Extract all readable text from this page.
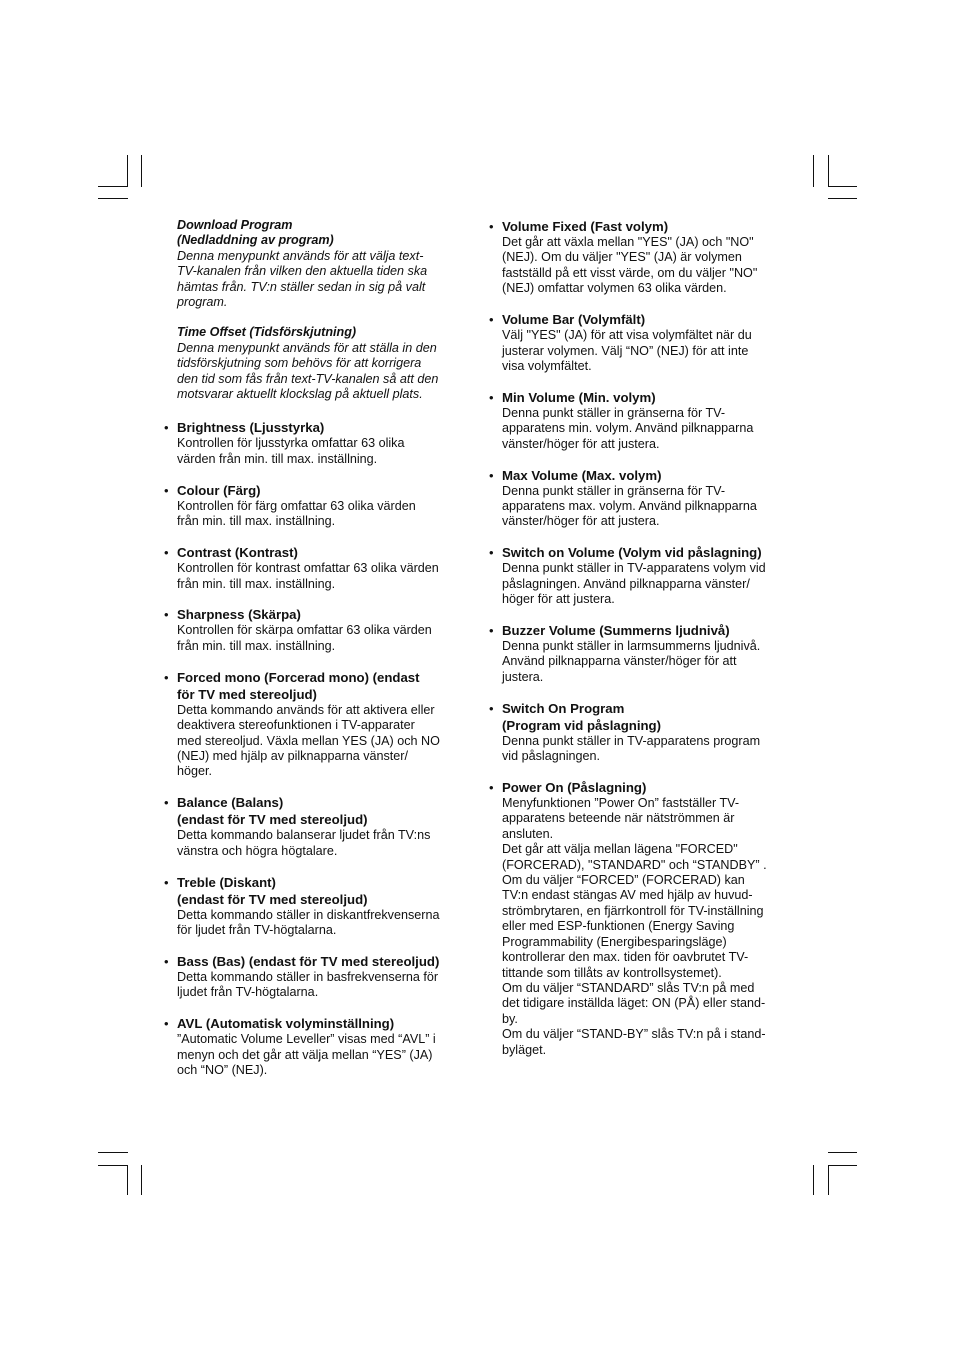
Download Program
(Nedladdning av program)

Denna menypunkt används för att välja text-
TV-kanalen från vilken den aktuella tiden ska
hämtas från. TV:n ställer sedan in sig på valt
program.

Time Offset (Tidsförskjutning)

Denna menypunkt används för att ställa in den
tidsförskjutning som behövs för att korrigera
den tid som fås från text-TV-kanalen så att den
motsvarar aktuellt klockslag på aktuell plats.

• Brightness (Ljusstyrka)

Kontrollen för ljusstyrka omfattar 63 olika
värden från min. till max. inställning.

• Colour (Färg)

Kontrollen för färg omfattar 63 olika värden
från min. till max. inställning.

• Contrast (Kontrast)

Kontrollen för kontrast omfattar 63 olika värden
från min. till max. inställning.

• Sharpness (Skärpa)

Kontrollen för skärpa omfattar 63 olika värden
från min. till max. inställning.

• Forced mono (Forcerad mono) (endast
för TV med stereoljud)

Detta kommando används för att aktivera eller
deaktivera stereofunktionen i TV-apparater
med stereoljud. Växla mellan YES (JA) och NO
(NEJ) med hjälp av pilknapparna vänster/
höger.

• Balance (Balans)
(endast för TV med stereoljud)

Detta kommando balanserar ljudet från TV:ns
vänstra och högra högtalare.

• Treble (Diskant)
(endast för TV med stereoljud)

Detta kommando ställer in diskantfrekvenserna
för ljudet från TV-högtalarna.

• Bass (Bas) (endast för TV med stereoljud)

Detta kommando ställer in basfrekvenserna för
ljudet från TV-högtalarna.

• AVL (Automatisk volyminställning)

”Automatic Volume Leveller” visas med “AVL” i
menyn och det går att välja mellan “YES” (JA)
och “NO” (NEJ).

• Volume Fixed (Fast volym)

Det går att växla mellan "YES" (JA) och "NO"
(NEJ). Om du väljer "YES" (JA) är volymen
fastställd på ett visst värde, om du väljer "NO"
(NEJ) omfattar volymen 63 olika värden.

• Volume Bar (Volymfält)

Välj "YES" (JA) för att visa volymfältet när du
justerar volymen. Välj “NO” (NEJ) för att inte
visa volymfältet.

• Min Volume (Min. volym)

Denna punkt ställer in gränserna för TV-
apparatens min. volym. Använd pilknapparna
vänster/höger för att justera.

• Max Volume (Max. volym)

Denna punkt ställer in gränserna för TV-
apparatens max. volym. Använd pilknapparna
vänster/höger för att justera.

• Switch on Volume (Volym vid påslagning)

Denna punkt ställer in TV-apparatens volym vid
påslagningen. Använd pilknapparna vänster/
höger för att justera.

• Buzzer Volume (Summerns ljudnivå)

Denna punkt ställer in larmsummerns ljudnivå.
Använd pilknapparna vänster/höger för att
justera.

• Switch On Program
(Program vid påslagning)

Denna punkt ställer in TV-apparatens program
vid påslagningen.

• Power On (Påslagning)

Menyfunktionen ”Power On” fastställer TV-
apparatens beteende när nätströmmen är
ansluten.
Det går att välja mellan lägena "FORCED"
(FORCERAD), "STANDARD" och “STANDBY” .
Om du väljer “FORCED” (FORCERAD) kan
TV:n endast stängas AV med hjälp av huvud-
strömbrytaren, en fjärrkontroll för TV-inställning
eller med ESP-funktionen (Energy Saving
Programmability (Energibesparingsläge)
kontrollerar den max. tiden för oavbrutet TV-
tittande som tillåts av kontrollsystemet).
Om du väljer “STANDARD” slås TV:n på med
det tidigare inställda läget: ON (PÅ) eller stand-
by.
Om du väljer “STAND-BY” slås TV:n på i stand-
byläget.
